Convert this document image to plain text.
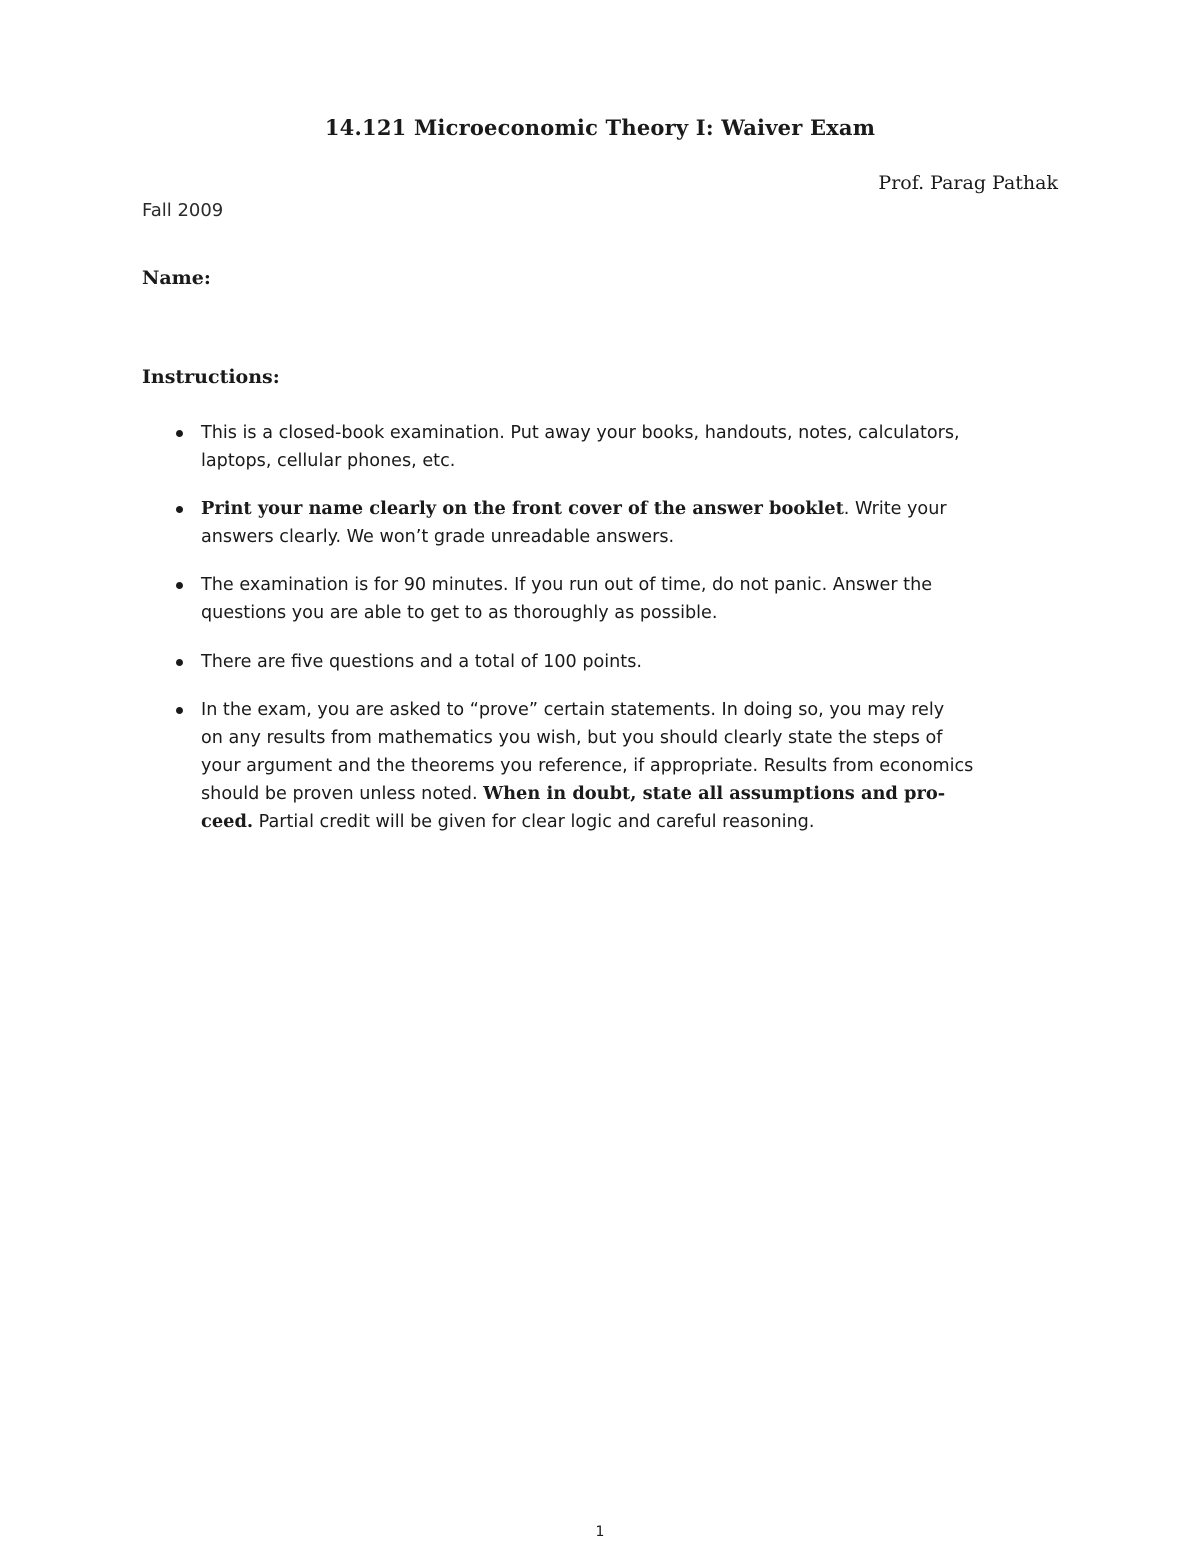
14.121 Microeconomic Theory I: Waiver Exam
Prof. Parag Pathak
Fall 2009
Name:
Instructions:
This is a closed-book examination. Put away your books, handouts, notes, calculators,
laptops, cellular phones, etc.
Print your name clearly on the front cover of the answer booklet. Write your
answers clearly. We won’t grade unreadable answers.
The examination is for 90 minutes. If you run out of time, do not panic. Answer the
questions you are able to get to as thoroughly as possible.
There are five questions and a total of 100 points.
In the exam, you are asked to “prove” certain statements. In doing so, you may rely
on any results from mathematics you wish, but you should clearly state the steps of
your argument and the theorems you reference, if appropriate. Results from economics
should be proven unless noted. When in doubt, state all assumptions and pro-
ceed. Partial credit will be given for clear logic and careful reasoning.
1
